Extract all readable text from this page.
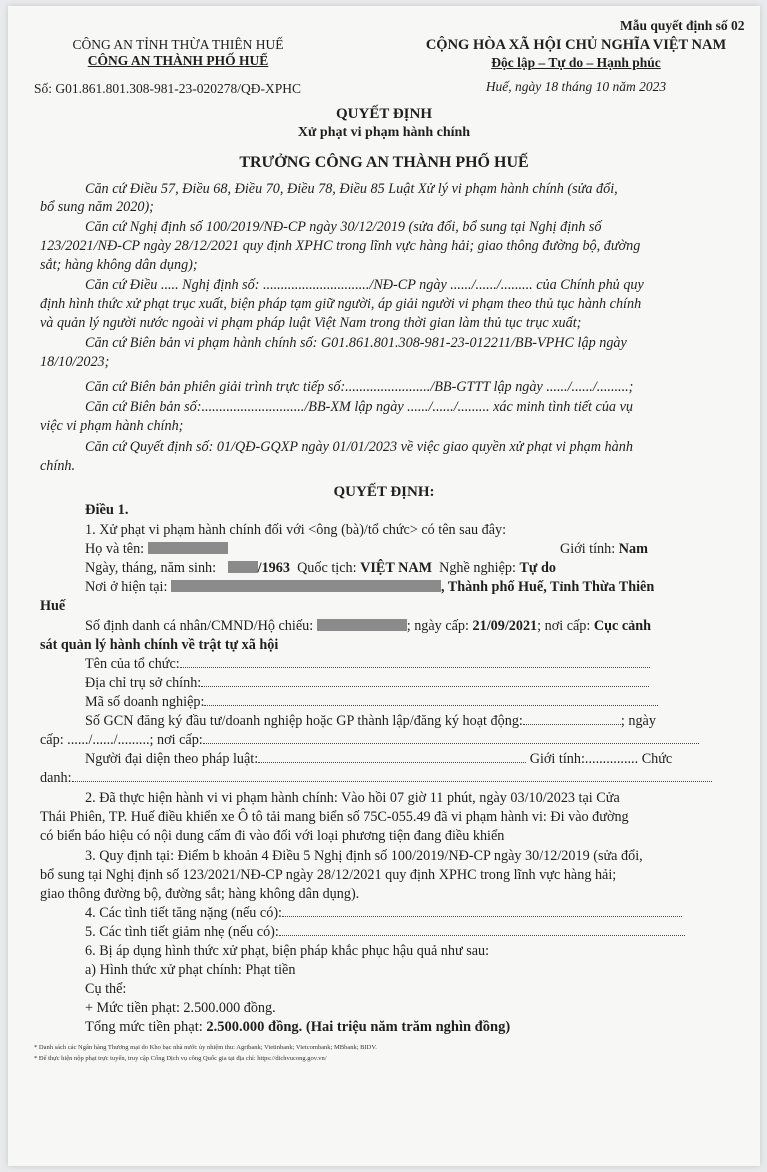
Mẫu quyết định số 02
CÔNG AN TỈNH THỪA THIÊN HUẾ
CÔNG AN THÀNH PHỐ HUẾ
CỘNG HÒA XÃ HỘI CHỦ NGHĨA VIỆT NAM
Độc lập – Tự do – Hạnh phúc
Số: G01.861.801.308-981-23-020278/QĐ-XPHC	Huế, ngày 18 tháng 10 năm 2023
QUYẾT ĐỊNH
Xử phạt vi phạm hành chính
TRƯỞNG CÔNG AN THÀNH PHỐ HUẾ
Căn cứ Điều 57, Điều 68, Điều 70, Điều 78, Điều 85 Luật Xử lý vi phạm hành chính (sửa đổi,
bổ sung năm 2020);
Căn cứ Nghị định số 100/2019/NĐ-CP ngày 30/12/2019 (sửa đổi, bổ sung tại Nghị định số
123/2021/NĐ-CP ngày 28/12/2021 quy định XPHC trong lĩnh vực hàng hải; giao thông đường bộ, đường
sắt; hàng không dân dụng);
Căn cứ Điều ..... Nghị định số: ............................../NĐ-CP ngày ....../....../......... của Chính phủ quy
định hình thức xử phạt trục xuất, biện pháp tạm giữ người, áp giải người vi phạm theo thủ tục hành chính
và quản lý người nước ngoài vi phạm pháp luật Việt Nam trong thời gian làm thủ tục trục xuất;
Căn cứ Biên bản vi phạm hành chính số: G01.861.801.308-981-23-012211/BB-VPHC lập ngày
18/10/2023;
Căn cứ Biên bản phiên giải trình trực tiếp số:......................../BB-GTTT lập ngày ....../....../.........;
Căn cứ Biên bản số:............................./BB-XM lập ngày ....../....../......... xác minh tình tiết của vụ
việc vi phạm hành chính;
Căn cứ Quyết định số: 01/QĐ-GQXP ngày 01/01/2023 về việc giao quyền xử phạt vi phạm hành
chính.
QUYẾT ĐỊNH:
Điều 1.
1. Xử phạt vi phạm hành chính đối với <ông (bà)/tổ chức> có tên sau đây:
Họ và tên:	Giới tính: Nam
Ngày, tháng, năm sinh:	/1963 Quốc tịch: VIỆT NAM Nghề nghiệp: Tự do
Nơi ở hiện tại:	, Thành phố Huế, Tỉnh Thừa Thiên
Huế
Số định danh cá nhân/CMND/Hộ chiếu:	; ngày cấp: 21/09/2021; nơi cấp: Cục cảnh
sát quản lý hành chính về trật tự xã hội
Tên của tổ chức:
Địa chỉ trụ sở chính:
Mã số doanh nghiệp:
Số GCN đăng ký đầu tư/doanh nghiệp hoặc GP thành lập/đăng ký hoạt động:	; ngày
cấp: ....../....../.........; nơi cấp:
Người đại diện theo pháp luật:	Giới tính:............... Chức
danh:
2. Đã thực hiện hành vi vi phạm hành chính: Vào hồi 07 giờ 11 phút, ngày 03/10/2023 tại Cửa
Thái Phiên, TP. Huế điều khiển xe Ô tô tải mang biển số 75C-055.49 đã vi phạm hành vi: Đi vào đường
có biển báo hiệu có nội dung cấm đi vào đối với loại phương tiện đang điều khiển
3. Quy định tại: Điểm b khoản 4 Điều 5 Nghị định số 100/2019/NĐ-CP ngày 30/12/2019 (sửa đổi,
bổ sung tại Nghị định số 123/2021/NĐ-CP ngày 28/12/2021 quy định XPHC trong lĩnh vực hàng hải;
giao thông đường bộ, đường sắt; hàng không dân dụng).
4. Các tình tiết tăng nặng (nếu có):
5. Các tình tiết giảm nhẹ (nếu có):
6. Bị áp dụng hình thức xử phạt, biện pháp khắc phục hậu quả như sau:
a) Hình thức xử phạt chính: Phạt tiền
Cụ thể:
+ Mức tiền phạt: 2.500.000 đồng.
Tổng mức tiền phạt: 2.500.000 đồng. (Hai triệu năm trăm nghìn đồng)
* Danh sách các Ngân hàng Thương mại do Kho bạc nhà nước ủy nhiệm thu: Agribank; Vietinbank; Vietcombank; MBbank; BIDV.
* Để thực hiện nộp phạt trực tuyến, truy cập Cổng Dịch vụ công Quốc gia tại địa chỉ: https://dichvucong.gov.vn/
